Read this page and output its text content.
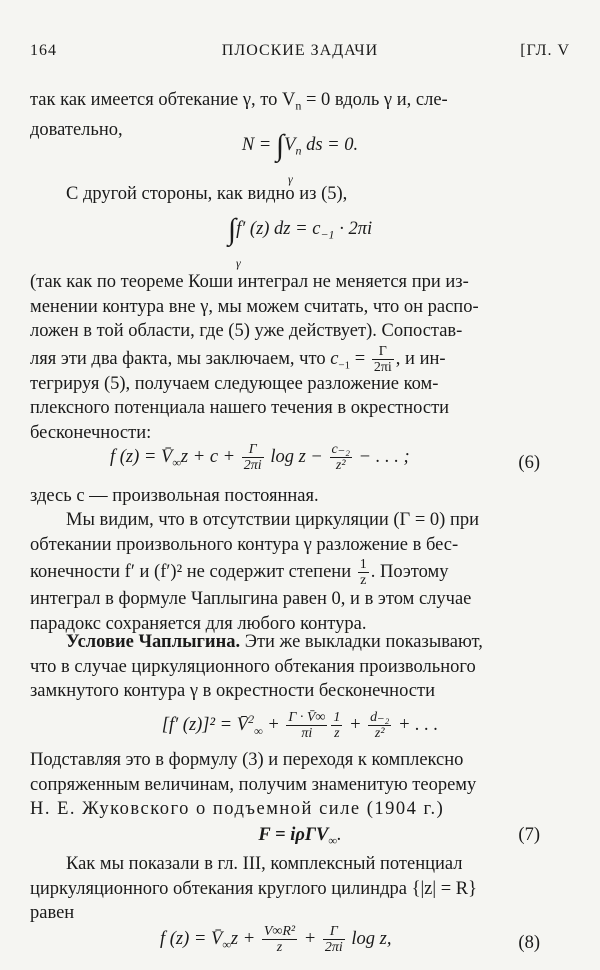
164	ПЛОСКИЕ ЗАДАЧИ	[ГЛ. V

так как имеется обтекание γ, то $V_n = 0$ вдоль γ и, сле-
довательно,

$N = \int V_n$ ds = 0.
γ

С другой стороны, как видно из (5),

∫f′ (z) dz = $c_{-1} \cdot 2\pi i$
γ
(так как по теореме Коши интеграл не меняется при из-
менении контура вне γ, мы можем считать, что он распо-
ложен в той области, где (5) уже действует). Сопостав-
ляя эти два факта, мы заключаем, что $c_{-1} = \frac{\Gamma}{2\pi i}$ , и ин-
тегрируя (5), получаем следующее разложение ком-
плексного потенциала нашего течения в окрестности
бесконечности:
f $(z) = V̄_\infty z + c + \frac{\Gamma}{2\pi i}$ $\log z - \frac{\text{c₋₂}}{\text{z²}}$ − . . . ;	(6)

здесь c — произвольная постоянная.

Мы видим, что в отсутствии циркуляции (Γ = 0) при
обтекании произвольного контура γ разложение в бес-
конечности f′ и (f′)² не содержит степени $\frac{1}{z}$ . Поэтому
интеграл в формуле Чаплыгина равен 0, и в этом случае
парадокс сохраняется для любого контура.
Условие Чаплыгина. Эти же выкладки показывают,
что в случае циркуляционного обтекания произвольного
замкнутого контура γ в окрестности бесконечности
[f′ (z)]² = V̄$^2_\infty$ + $\frac{\Gamma \cdot V̄\infty}{\pi i} \frac{1}{z} + \frac{\text{d₋₂}}{\text{z²}}$ + . . .
Подставляя это в формулу (3) и переходя к комплексно
сопряженным величинам, получим знаменитую теорему
Н. Е. Жуковского о подъемной силе (1904 г.)
F = iρΓV$_\infty$.	(7)
Как мы показали в гл. III, комплексный потенциал
циркуляционного обтекания круглого цилиндра {|z| = R}
равен
f $(z) = V̄_\infty z + \frac{\text{V∞R²}}{z} + \frac{\Gamma}{2\pi i}$ log z,	(8)
